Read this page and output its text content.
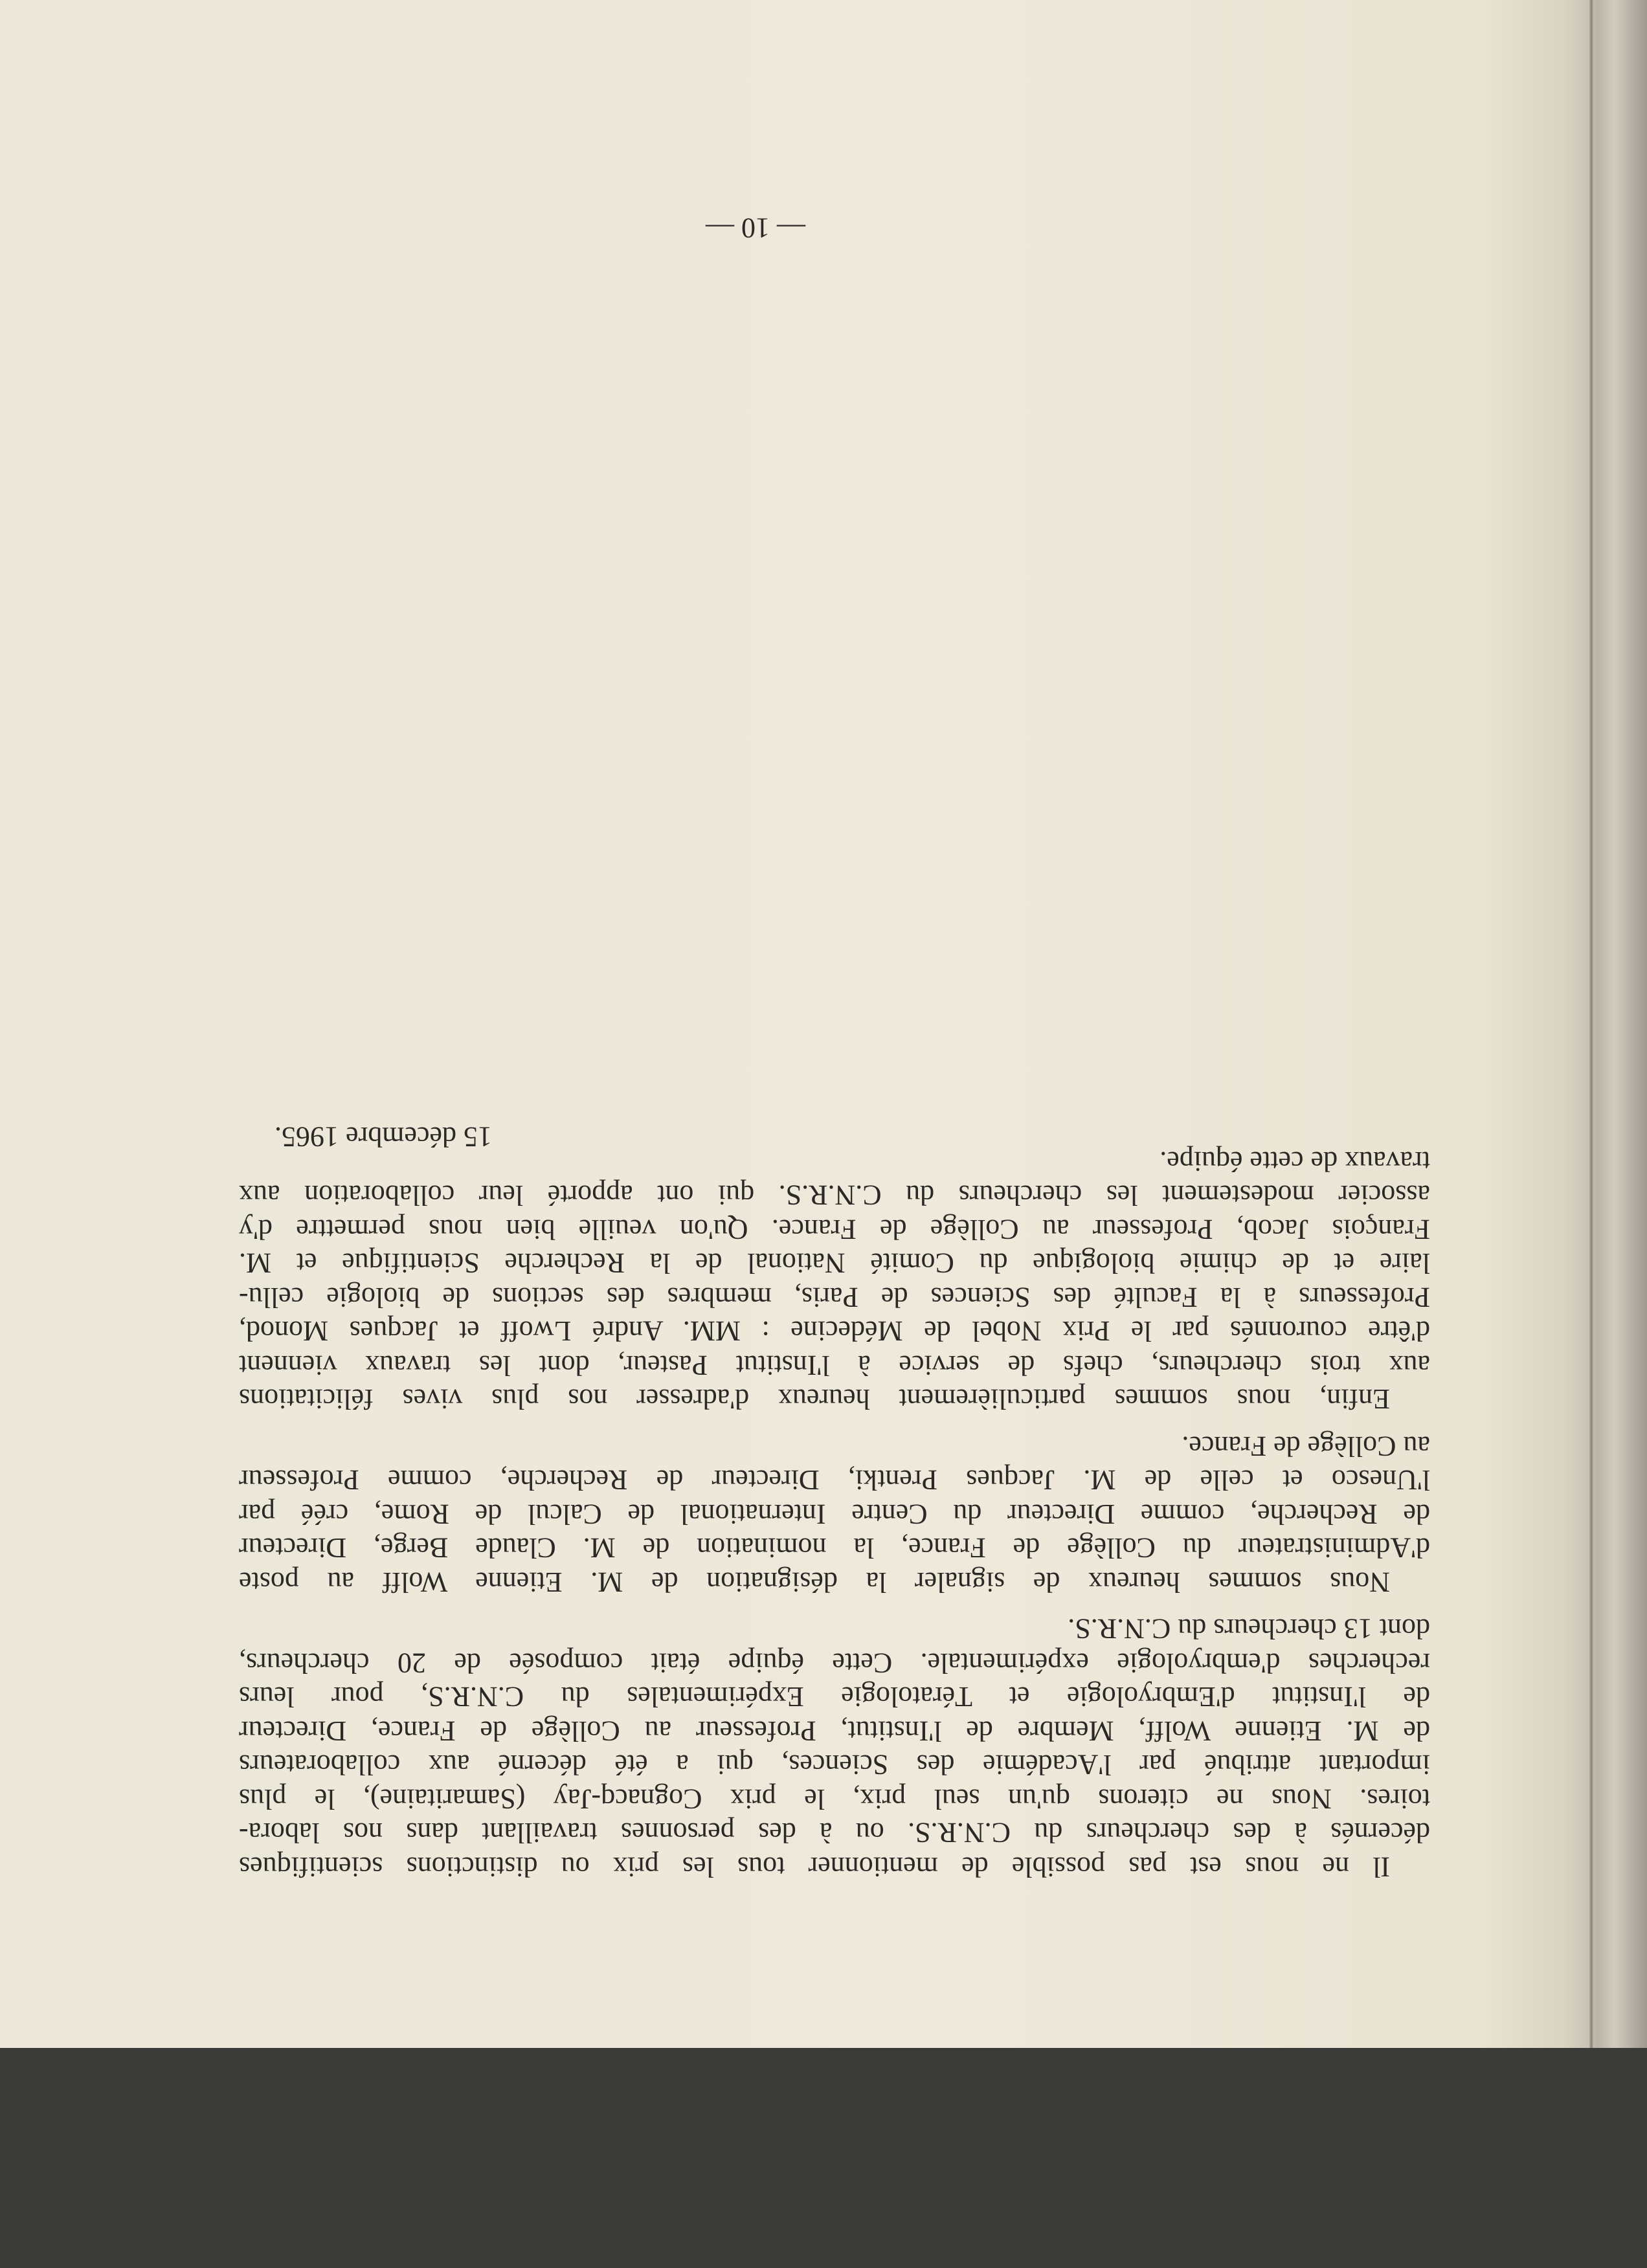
Il ne nous est pas possible de mentionner tous les prix ou distinctions scientifiques
décernés à des chercheurs du C.N.R.S. ou à des personnes travaillant dans nos labora-
toires. Nous ne citerons qu'un seul prix, le prix Cognacq-Jay (Samaritaine), le plus
important attribué par l'Académie des Sciences, qui a été décerné aux collaborateurs
de M. Etienne Wolff, Membre de l'Institut, Professeur au Collège de France, Directeur
de l'Institut d'Embryologie et Tératologie Expérimentales du C.N.R.S, pour leurs
recherches d'embryologie expérimentale. Cette équipe était composée de 20 chercheurs,
dont 13 chercheurs du C.N.R.S.
Nous sommes heureux de signaler la désignation de M. Etienne Wolff au poste
d'Administrateur du Collège de France, la nomination de M. Claude Berge, Directeur
de Recherche, comme Directeur du Centre International de Calcul de Rome, créé par
l'Unesco et celle de M. Jacques Prentki, Directeur de Recherche, comme Professeur
au Collège de France.
Enfin, nous sommes particulièrement heureux d'adresser nos plus vives félicitations
aux trois chercheurs, chefs de service à l'Institut Pasteur, dont les travaux viennent
d'être couronnés par le Prix Nobel de Médecine : MM. André Lwoff et Jacques Monod,
Professeurs à la Faculté des Sciences de Paris, membres des sections de biologie cellu-
laire et de chimie biologique du Comité National de la Recherche Scientifique et M.
François Jacob, Professeur au Collège de France. Qu'on veuille bien nous permettre d'y
associer modestement les chercheurs du C.N.R.S. qui ont apporté leur collaboration aux
travaux de cette équipe.
15 décembre 1965.
— 10 —
